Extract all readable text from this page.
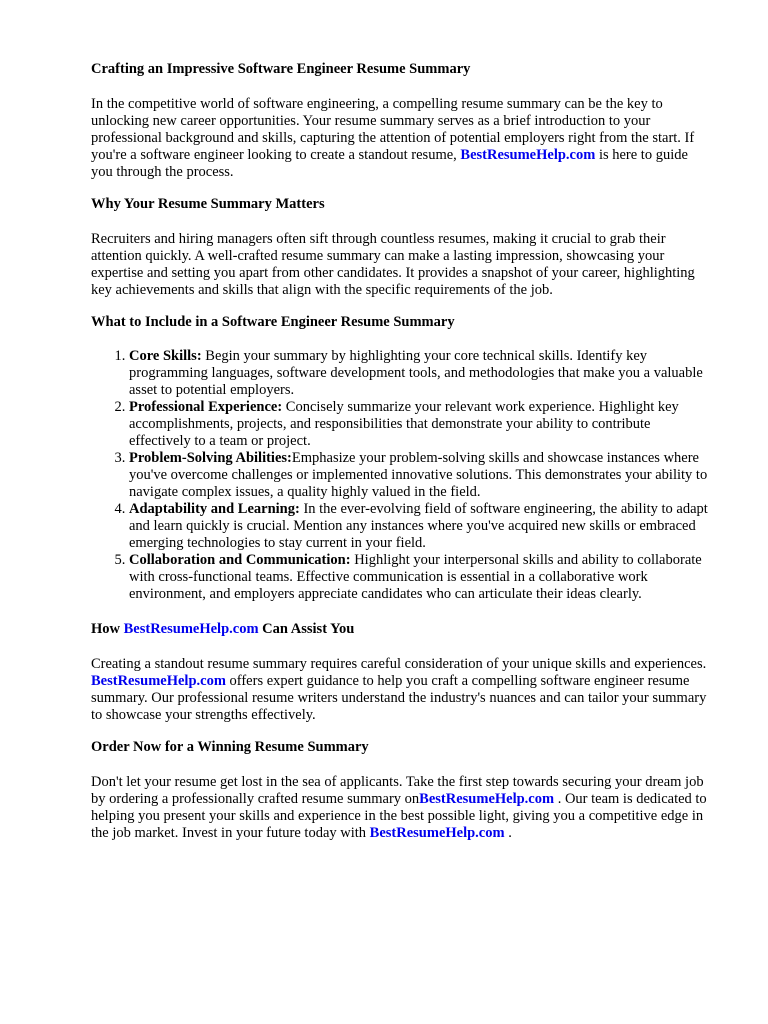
Crafting an Impressive Software Engineer Resume Summary

In the competitive world of software engineering, a compelling resume summary can be the key to unlocking new career opportunities. Your resume summary serves as a brief introduction to your professional background and skills, capturing the attention of potential employers right from the start. If you're a software engineer looking to create a standout resume, BestResumeHelp.com is here to guide you through the process.

Why Your Resume Summary Matters

Recruiters and hiring managers often sift through countless resumes, making it crucial to grab their attention quickly. A well-crafted resume summary can make a lasting impression, showcasing your expertise and setting you apart from other candidates. It provides a snapshot of your career, highlighting key achievements and skills that align with the specific requirements of the job.

What to Include in a Software Engineer Resume Summary

1. Core Skills: Begin your summary by highlighting your core technical skills. Identify key programming languages, software development tools, and methodologies that make you a valuable asset to potential employers.
2. Professional Experience: Concisely summarize your relevant work experience. Highlight key accomplishments, projects, and responsibilities that demonstrate your ability to contribute effectively to a team or project.
3. Problem-Solving Abilities:Emphasize your problem-solving skills and showcase instances where you've overcome challenges or implemented innovative solutions. This demonstrates your ability to navigate complex issues, a quality highly valued in the field.
4. Adaptability and Learning: In the ever-evolving field of software engineering, the ability to adapt and learn quickly is crucial. Mention any instances where you've acquired new skills or embraced emerging technologies to stay current in your field.
5. Collaboration and Communication: Highlight your interpersonal skills and ability to collaborate with cross-functional teams. Effective communication is essential in a collaborative work environment, and employers appreciate candidates who can articulate their ideas clearly.

How BestResumeHelp.com Can Assist You

Creating a standout resume summary requires careful consideration of your unique skills and experiences. BestResumeHelp.com offers expert guidance to help you craft a compelling software engineer resume summary. Our professional resume writers understand the industry's nuances and can tailor your summary to showcase your strengths effectively.

Order Now for a Winning Resume Summary

Don't let your resume get lost in the sea of applicants. Take the first step towards securing your dream job by ordering a professionally crafted resume summary onBestResumeHelp.com . Our team is dedicated to helping you present your skills and experience in the best possible light, giving you a competitive edge in the job market. Invest in your future today with BestResumeHelp.com .
